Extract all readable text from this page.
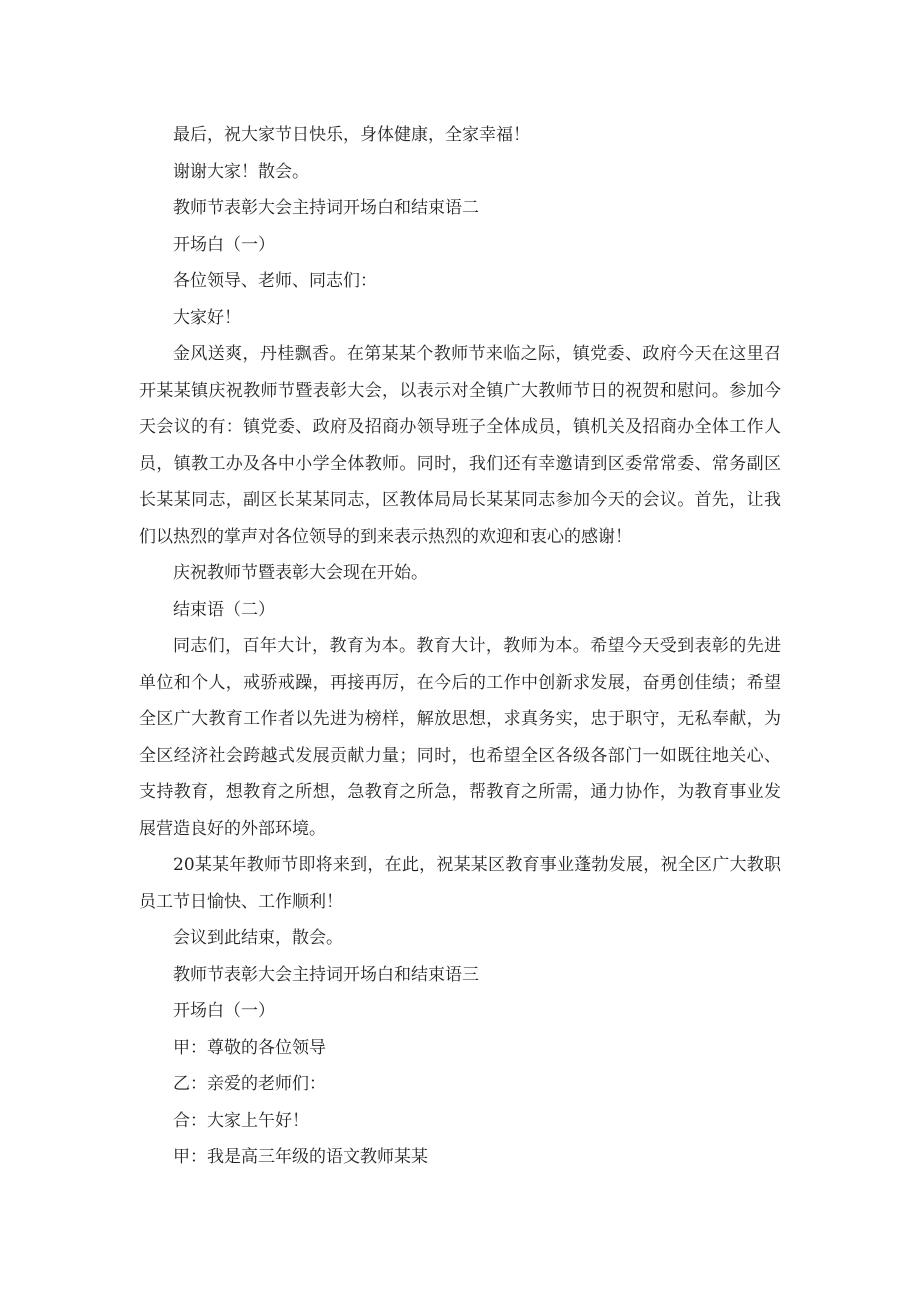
最后，祝大家节日快乐，身体健康，全家幸福！

谢谢大家！散会。

教师节表彰大会主持词开场白和结束语二

开场白（一）

各位领导、老师、同志们：

大家好！

金风送爽，丹桂飘香。在第某某个教师节来临之际，镇党委、政府今天在这里召开某某镇庆祝教师节暨表彰大会，以表示对全镇广大教师节日的祝贺和慰问。参加今天会议的有：镇党委、政府及招商办领导班子全体成员，镇机关及招商办全体工作人员，镇教工办及各中小学全体教师。同时，我们还有幸邀请到区委常常委、常务副区长某某同志，副区长某某同志，区教体局局长某某同志参加今天的会议。首先，让我们以热烈的掌声对各位领导的到来表示热烈的欢迎和衷心的感谢！

庆祝教师节暨表彰大会现在开始。

结束语（二）

同志们，百年大计，教育为本。教育大计，教师为本。希望今天受到表彰的先进单位和个人，戒骄戒躁，再接再厉，在今后的工作中创新求发展，奋勇创佳绩；希望全区广大教育工作者以先进为榜样，解放思想，求真务实，忠于职守，无私奉献，为全区经济社会跨越式发展贡献力量；同时，也希望全区各级各部门一如既往地关心、支持教育，想教育之所想，急教育之所急，帮教育之所需，通力协作，为教育事业发展营造良好的外部环境。

20某某年教师节即将来到，在此，祝某某区教育事业蓬勃发展，祝全区广大教职员工节日愉快、工作顺利！

会议到此结束，散会。

教师节表彰大会主持词开场白和结束语三

开场白（一）

甲：尊敬的各位领导

乙：亲爱的老师们：

合：大家上午好！

甲：我是高三年级的语文教师某某
